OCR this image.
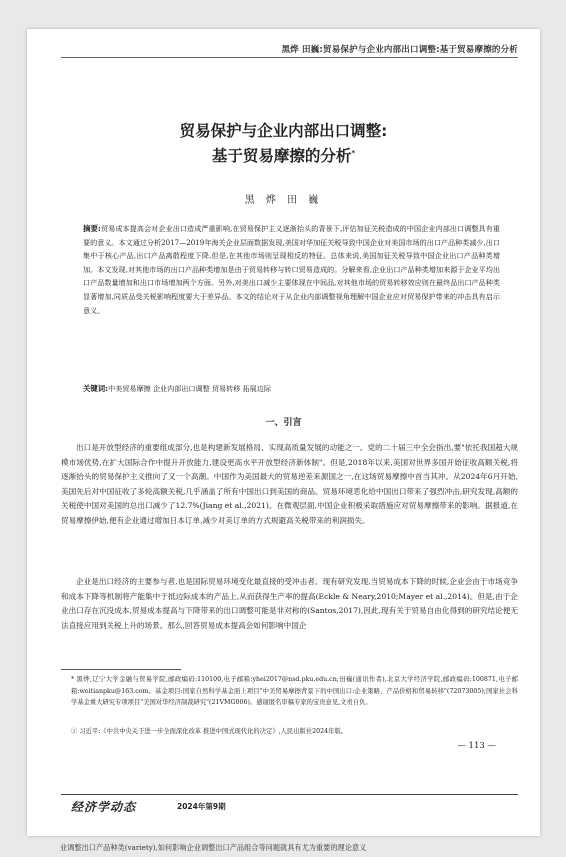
黑烨 田巍:贸易保护与企业内部出口调整:基于贸易摩擦的分析
贸易保护与企业内部出口调整:
基于贸易摩擦的分析*
黑 烨 田 巍
摘要:贸易成本提高会对企业出口造成严重影响,在贸易保护主义逐渐抬头的背景下,评估加征关税造成的中国企业内部出口调整具有重要的意义。本文通过分析2017—2019年海关企业层面数据发现,美国对华加征关税导致中国企业对美国市场的出口产品种类减少,出口集中于核心产品,出口产品离散程度下降,但是,在其他市场则呈现相反的特征。总体来说,美国加征关税导致中国企业出口产品种类增加。本文发现,对其他市场的出口产品种类增加是由于贸易转移与转口贸易造成的。分解来看,企业出口产品种类增加来源于企业平均出口产品数量增加和出口市场增加两个方面。另外,对美出口减少主要体现在中间品,对其他市场的贸易转移效应则在最终品出口产品种类显著增加,同质品受关税影响程度要大于差异品。本文的结论对于从企业内部调整视角理解中国企业应对贸易保护带来的冲击具有启示意义。
关键词:中美贸易摩擦 企业内部出口调整 贸易转移 拓展边际
一、引言

出口是开放型经济的重要组成部分,也是构建新发展格局、实现高质量发展的动能之一。党的二十届三中全会指出,要"依托我国超大规模市场优势,在扩大国际合作中提升开放能力,建设更高水平开放型经济新体制"。但是,2018年以来,美国对世界多国开始征收高额关税,将逐渐抬头的贸易保护主义推向了又一个高潮。中国作为美国最大的贸易逆差来源国之一,在这场贸易摩擦中首当其冲。从2024年6月开始,美国先后对中国征收了多轮高额关税,几乎涵盖了所有中国出口到美国的商品。贸易环境恶化给中国出口带来了强烈冲击,研究发现,高额的关税使中国对美国的总出口减少了12.7%(Jiang et al.,2021)。在微观层面,中国企业积极采取措施应对贸易摩擦带来的影响。据报道,在贸易摩擦伊始,便有企业通过增加日本订单,减少对美订单的方式规避高关税带来的利润损失。

企业是出口经济的主要参与者,也是国际贸易环境变化最直接的受冲击者。现有研究发现,当贸易成本下降的时候,企业会由于市场竞争和成本下降等机制将产能集中于抵边际成本的产品上,从而获得生产率的提高(Eckle & Neary,2010;Mayer et al.,2014)。但是,由于企业出口存在沉没成本,贸易成本提高与下降带来的出口调整可能是非对称的(Santos,2017),因此,现有关于贸易自由化得到的研究结论便无法直接应用到关税上升的场景。那么,回答贸易成本提高会如何影响中国企

* 黑烨,辽宁大学金融与贸易学院,邮政编码:110100,电子邮箱:yhei2017@nsd.pku.edu.cn;田巍(通讯作者),北京大学经济学院,邮政编码:100871,电子邮箱:weitianpku@163.com。基金项目:国家自然科学基金面上项目"中美贸易摩擦背景下的中国出口:企业策略、产品价格和贸易转移"(72073005);国家社会科学基金重大研究专项项目"美国对华经济制裁研究"(21VMG006)。感谢匿名审稿专家的宝贵意见,文责自负。

① 习近平:《中共中央关于进一步全面深化改革 推进中国式现代化的决定》,人民出版社2024年版。

— 113 —
经济学动态	2024年第9期
业调整出口产品种类(variety),如何影响企业调整出口产品组合等问题就具有尤为重要的理论意义
